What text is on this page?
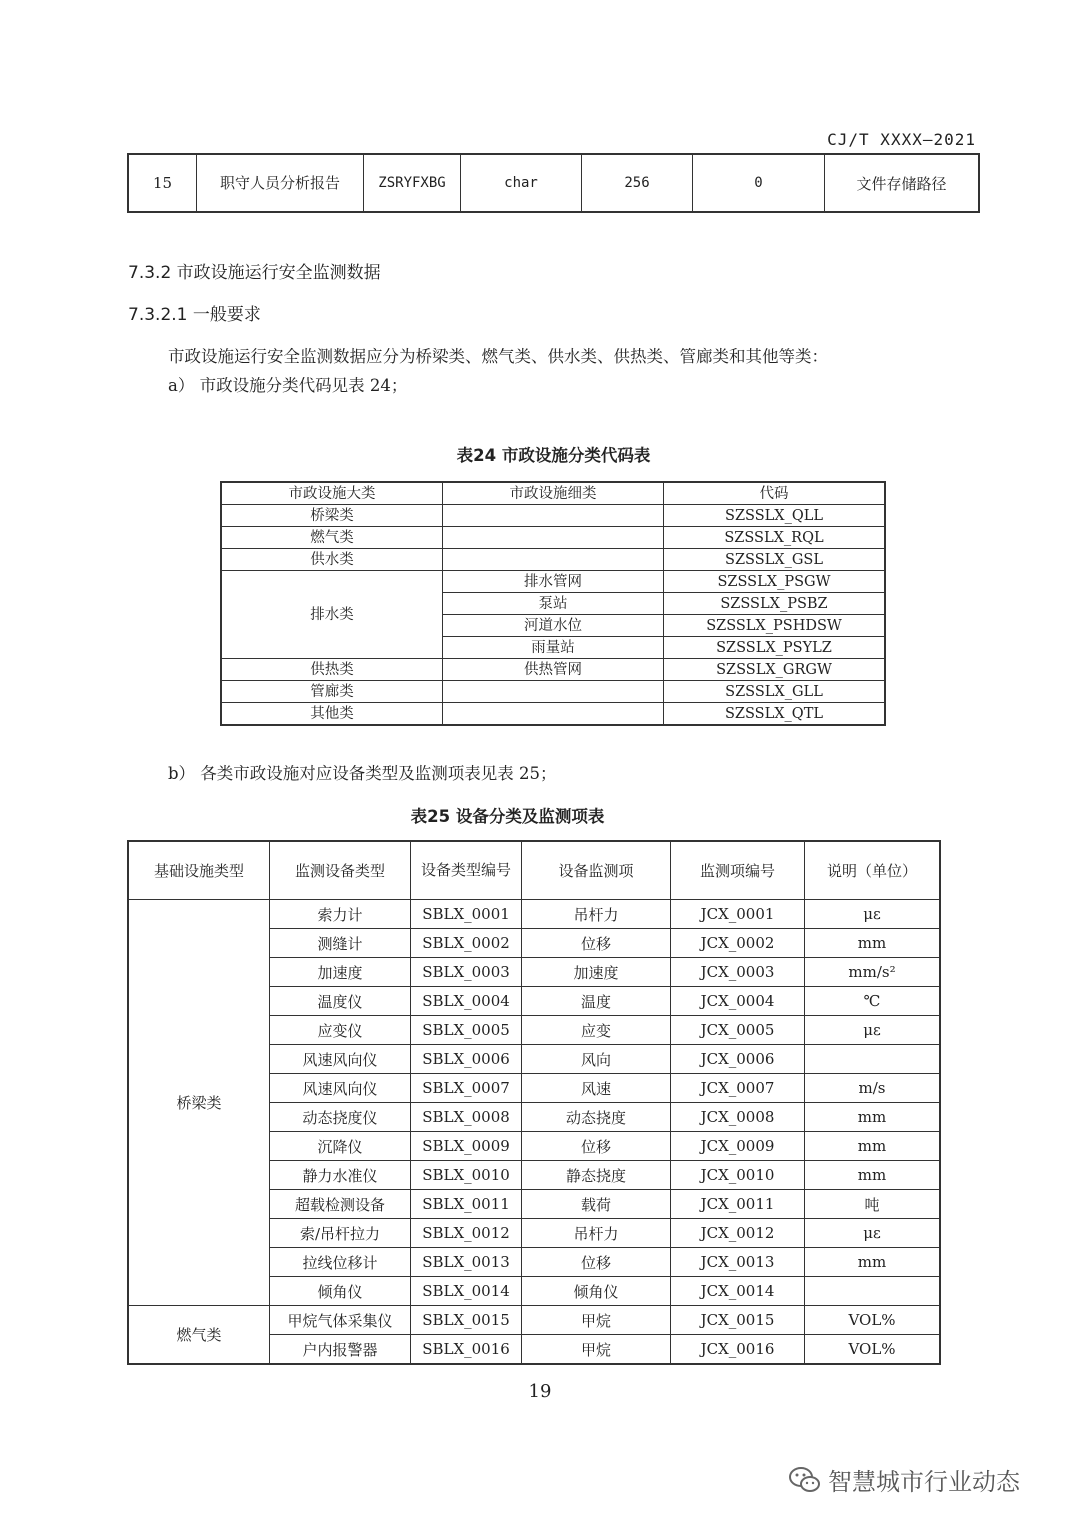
CJ/T XXXX—2021
15	职守人员分析报告	ZSRYFXBG	char	256	0	文件存储路径
7.3.2 市政设施运行安全监测数据
7.3.2.1 一般要求
市政设施运行安全监测数据应分为桥梁类、燃气类、供水类、供热类、管廊类和其他等类：
a） 市政设施分类代码见表 24；
表24 市政设施分类代码表
市政设施大类	市政设施细类	代码
桥梁类		SZSSLX_QLL
燃气类		SZSSLX_RQL
供水类		SZSSLX_GSL
排水类	排水管网	SZSSLX_PSGW
	泵站	SZSSLX_PSBZ
	河道水位	SZSSLX_PSHDSW
	雨量站	SZSSLX_PSYLZ
供热类	供热管网	SZSSLX_GRGW
管廊类		SZSSLX_GLL
其他类		SZSSLX_QTL
b） 各类市政设施对应设备类型及监测项表见表 25；
表25 设备分类及监测项表
基础设施类型	监测设备类型	设备类型编号	设备监测项	监测项编号	说明（单位）
桥梁类	索力计	SBLX_0001	吊杆力	JCX_0001	με
	测缝计	SBLX_0002	位移	JCX_0002	mm
	加速度	SBLX_0003	加速度	JCX_0003	mm/s²
	温度仪	SBLX_0004	温度	JCX_0004	℃
	应变仪	SBLX_0005	应变	JCX_0005	με
	风速风向仪	SBLX_0006	风向	JCX_0006	
	风速风向仪	SBLX_0007	风速	JCX_0007	m/s
	动态挠度仪	SBLX_0008	动态挠度	JCX_0008	mm
	沉降仪	SBLX_0009	位移	JCX_0009	mm
	静力水准仪	SBLX_0010	静态挠度	JCX_0010	mm
	超载检测设备	SBLX_0011	载荷	JCX_0011	吨
	索/吊杆拉力	SBLX_0012	吊杆力	JCX_0012	με
	拉线位移计	SBLX_0013	位移	JCX_0013	mm
	倾角仪	SBLX_0014	倾角仪	JCX_0014	
燃气类	甲烷气体采集仪	SBLX_0015	甲烷	JCX_0015	VOL%
	户内报警器	SBLX_0016	甲烷	JCX_0016	VOL%
19
智慧城市行业动态
